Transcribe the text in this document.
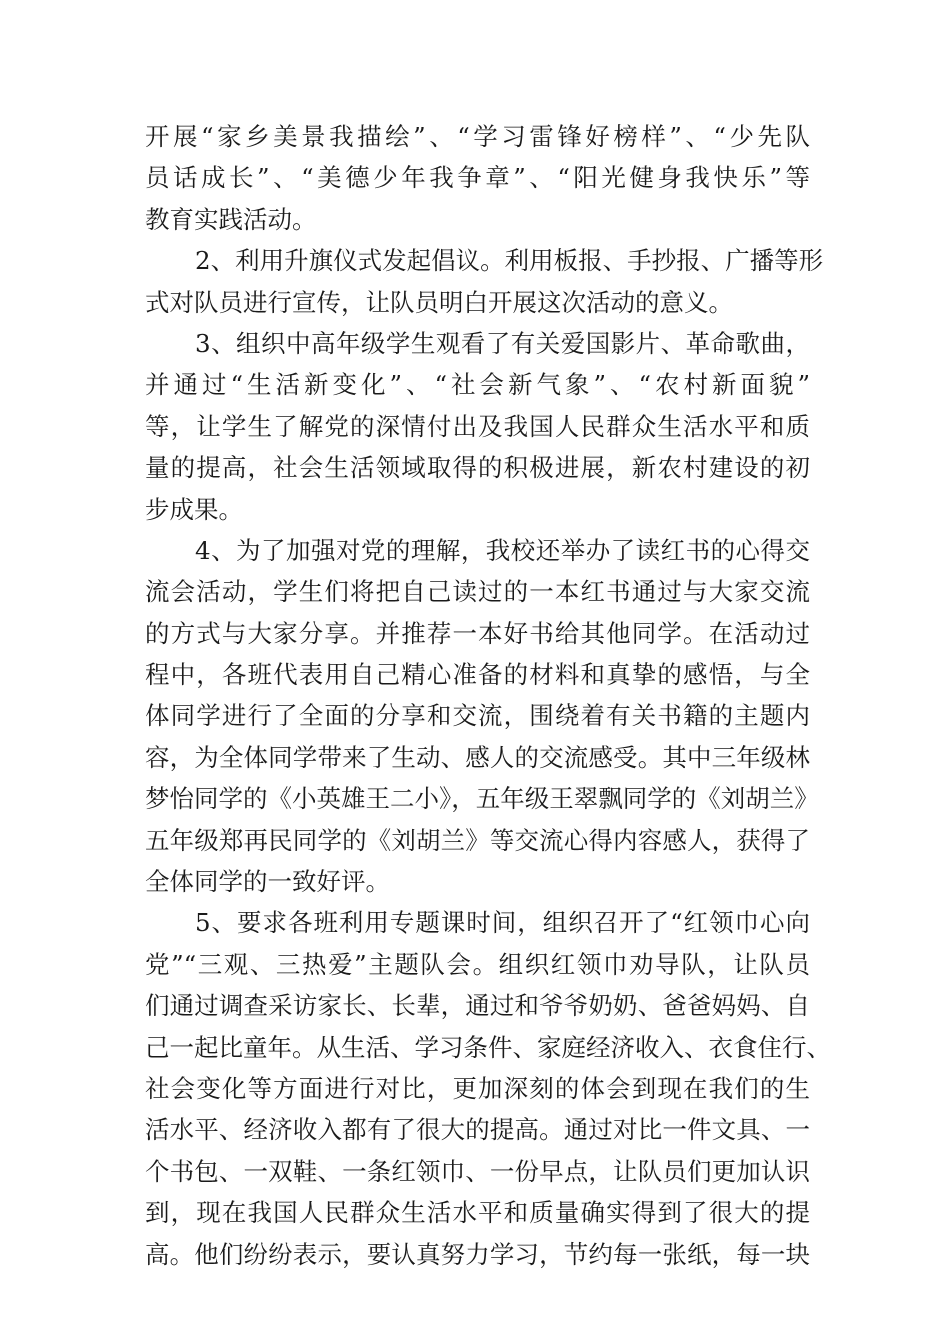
开展“家乡美景我描绘”、“学习雷锋好榜样”、“少先队
员话成长”、“美德少年我争章”、“阳光健身我快乐”等
教育实践活动。
2、利用升旗仪式发起倡议。利用板报、手抄报、广播等形
式对队员进行宣传，让队员明白开展这次活动的意义。
3、组织中高年级学生观看了有关爱国影片、革命歌曲，
并通过“生活新变化”、“社会新气象”、“农村新面貌”
等，让学生了解党的深情付出及我国人民群众生活水平和质
量的提高，社会生活领域取得的积极进展，新农村建设的初
步成果。
4、为了加强对党的理解，我校还举办了读红书的心得交
流会活动，学生们将把自己读过的一本红书通过与大家交流
的方式与大家分享。并推荐一本好书给其他同学。在活动过
程中，各班代表用自己精心准备的材料和真挚的感悟，与全
体同学进行了全面的分享和交流，围绕着有关书籍的主题内
容，为全体同学带来了生动、感人的交流感受。其中三年级林
梦怡同学的《小英雄王二小》，五年级王翠飘同学的《刘胡兰》
五年级郑再民同学的《刘胡兰》等交流心得内容感人，获得了
全体同学的一致好评。
5、要求各班利用专题课时间，组织召开了“红领巾心向
党”“三观、三热爱”主题队会。组织红领巾劝导队，让队员
们通过调查采访家长、长辈，通过和爷爷奶奶、爸爸妈妈、自
己一起比童年。从生活、学习条件、家庭经济收入、衣食住行、
社会变化等方面进行对比，更加深刻的体会到现在我们的生
活水平、经济收入都有了很大的提高。通过对比一件文具、一
个书包、一双鞋、一条红领巾、一份早点，让队员们更加认识
到，现在我国人民群众生活水平和质量确实得到了很大的提
高。他们纷纷表示，要认真努力学习，节约每一张纸，每一块
